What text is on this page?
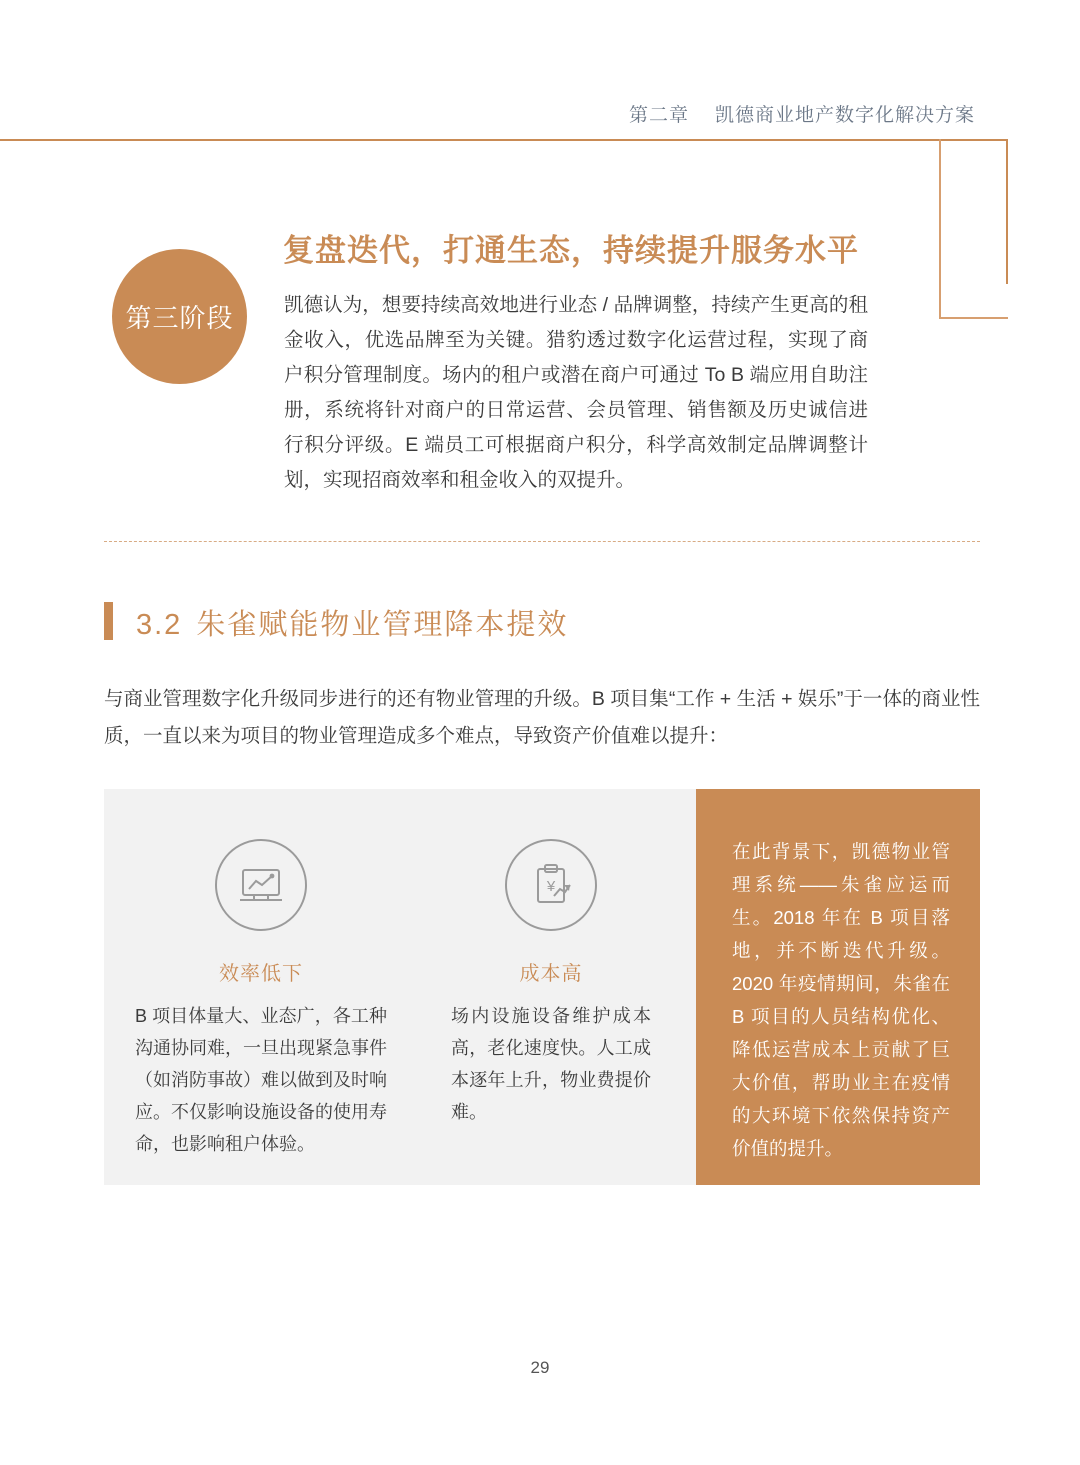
第二章 凯德商业地产数字化解决方案
第三阶段
复盘迭代，打通生态，持续提升服务水平
凯德认为，想要持续高效地进行业态 / 品牌调整，持续产生更高的租金收入，优选品牌至为关键。猎豹透过数字化运营过程，实现了商户积分管理制度。场内的租户或潜在商户可通过 To B 端应用自助注册，系统将针对商户的日常运营、会员管理、销售额及历史诚信进行积分评级。E 端员工可根据商户积分，科学高效制定品牌调整计划，实现招商效率和租金收入的双提升。
3.2 朱雀赋能物业管理降本提效
与商业管理数字化升级同步进行的还有物业管理的升级。B 项目集“工作 + 生活 + 娱乐”于一体的商业性质，一直以来为项目的物业管理造成多个难点，导致资产价值难以提升：
效率低下
B 项目体量大、业态广，各工种沟通协同难，一旦出现紧急事件（如消防事故）难以做到及时响应。不仅影响设施设备的使用寿命，也影响租户体验。
¥
成本高
场内设施设备维护成本高，老化速度快。人工成本逐年上升，物业费提价难。
在此背景下，凯德物业管理系统——朱雀应运而生。2018 年在 B 项目落地，并不断迭代升级。2020 年疫情期间，朱雀在 B 项目的人员结构优化、降低运营成本上贡献了巨大价值，帮助业主在疫情的大环境下依然保持资产价值的提升。
29
